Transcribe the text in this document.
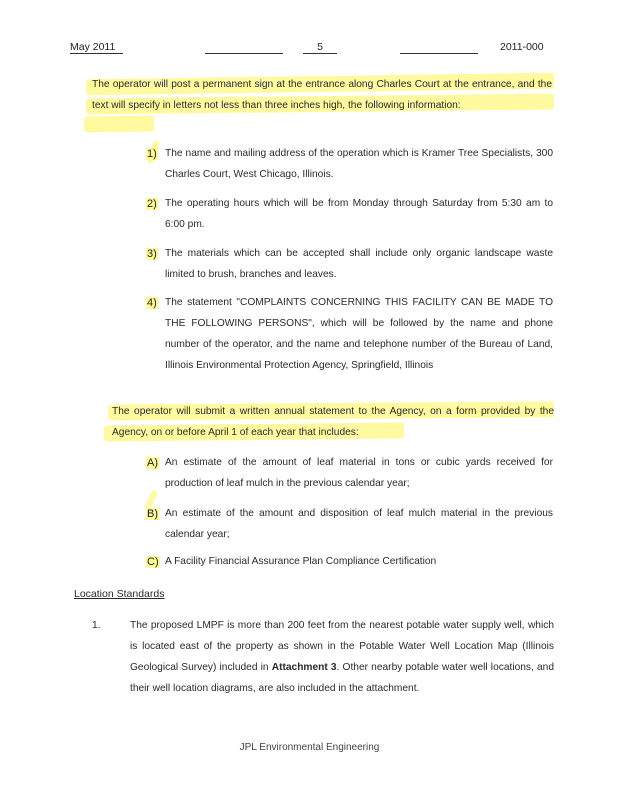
May 2011	5	2011-000
The operator will post a permanent sign at the entrance along Charles Court at the entrance, and the text will specify in letters not less than three inches high, the following information:
1) The name and mailing address of the operation which is Kramer Tree Specialists, 300 Charles Court, West Chicago, Illinois.
2) The operating hours which will be from Monday through Saturday from 5:30 am to 6:00 pm.
3) The materials which can be accepted shall include only organic landscape waste limited to brush, branches and leaves.
4) The statement "COMPLAINTS CONCERNING THIS FACILITY CAN BE MADE TO THE FOLLOWING PERSONS", which will be followed by the name and phone number of the operator, and the name and telephone number of the Bureau of Land, Illinois Environmental Protection Agency, Springfield, Illinois
The operator will submit a written annual statement to the Agency, on a form provided by the Agency, on or before April 1 of each year that includes:
A) An estimate of the amount of leaf material in tons or cubic yards received for production of leaf mulch in the previous calendar year;
B) An estimate of the amount and disposition of leaf mulch material in the previous calendar year;
C) A Facility Financial Assurance Plan Compliance Certification
Location Standards
1.	The proposed LMPF is more than 200 feet from the nearest potable water supply well, which is located east of the property as shown in the Potable Water Well Location Map (Illinois Geological Survey) included in Attachment 3. Other nearby potable water well locations, and their well location diagrams, are also included in the attachment.
JPL Environmental Engineering
